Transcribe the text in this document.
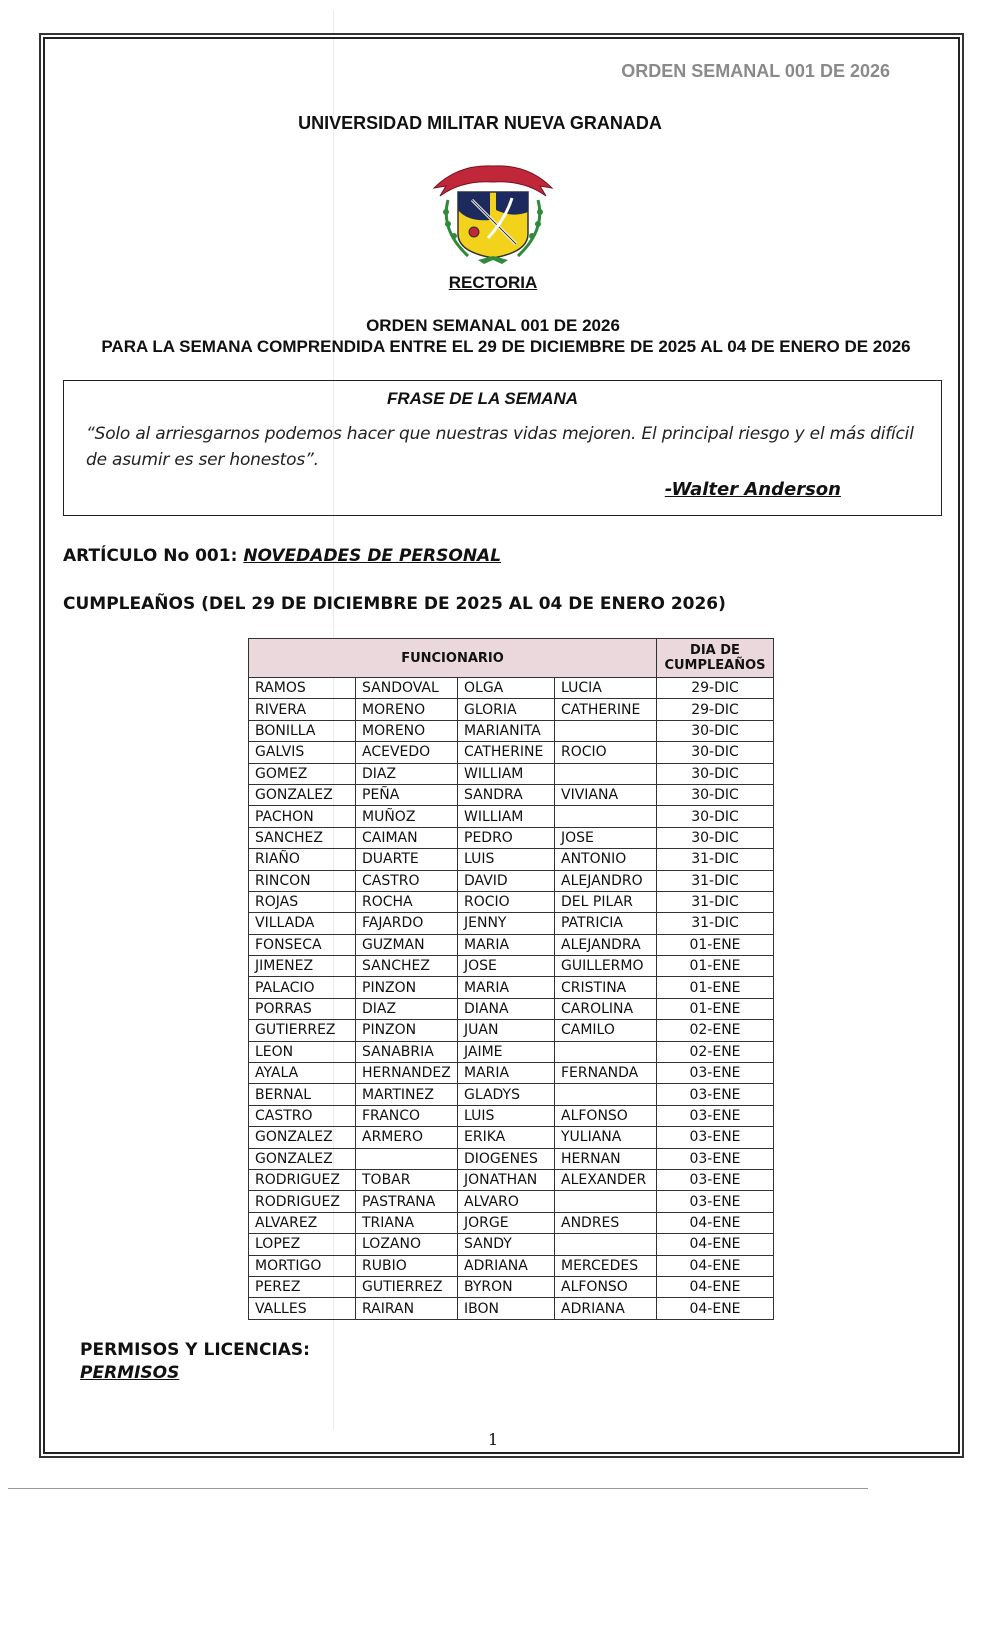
ORDEN SEMANAL 001 DE 2026
UNIVERSIDAD MILITAR NUEVA GRANADA
RECTORIA
ORDEN SEMANAL 001 DE 2026
PARA LA SEMANA COMPRENDIDA ENTRE EL 29 DE DICIEMBRE DE 2025 AL 04 DE ENERO DE 2026
FRASE DE LA SEMANA
“Solo al arriesgarnos podemos hacer que nuestras vidas mejoren. El principal riesgo y el más difícil de asumir es ser honestos”.
-Walter Anderson
ARTÍCULO No 001: NOVEDADES DE PERSONAL
CUMPLEAÑOS (DEL 29 DE DICIEMBRE DE 2025 AL 04 DE ENERO 2026)
FUNCIONARIO				DIA DE
CUMPLEAÑOS

RAMOS	SANDOVAL	OLGA	LUCIA	29-DIC
RIVERA	MORENO	GLORIA	CATHERINE	29-DIC
BONILLA	MORENO	MARIANITA		30-DIC
GALVIS	ACEVEDO	CATHERINE	ROCIO	30-DIC
GOMEZ	DIAZ	WILLIAM		30-DIC
GONZALEZ	PEÑA	SANDRA	VIVIANA	30-DIC
PACHON	MUÑOZ	WILLIAM		30-DIC
SANCHEZ	CAIMAN	PEDRO	JOSE	30-DIC
RIAÑO	DUARTE	LUIS	ANTONIO	31-DIC
RINCON	CASTRO	DAVID	ALEJANDRO	31-DIC
ROJAS	ROCHA	ROCIO	DEL PILAR	31-DIC
VILLADA	FAJARDO	JENNY	PATRICIA	31-DIC
FONSECA	GUZMAN	MARIA	ALEJANDRA	01-ENE
JIMENEZ	SANCHEZ	JOSE	GUILLERMO	01-ENE
PALACIO	PINZON	MARIA	CRISTINA	01-ENE
PORRAS	DIAZ	DIANA	CAROLINA	01-ENE
GUTIERREZ	PINZON	JUAN	CAMILO	02-ENE
LEON	SANABRIA	JAIME		02-ENE
AYALA	HERNANDEZ	MARIA	FERNANDA	03-ENE
BERNAL	MARTINEZ	GLADYS		03-ENE
CASTRO	FRANCO	LUIS	ALFONSO	03-ENE
GONZALEZ	ARMERO	ERIKA	YULIANA	03-ENE
GONZALEZ		DIOGENES	HERNAN	03-ENE
RODRIGUEZ	TOBAR	JONATHAN	ALEXANDER	03-ENE
RODRIGUEZ	PASTRANA	ALVARO		03-ENE
ALVAREZ	TRIANA	JORGE	ANDRES	04-ENE
LOPEZ	LOZANO	SANDY		04-ENE
MORTIGO	RUBIO	ADRIANA	MERCEDES	04-ENE
PEREZ	GUTIERREZ	BYRON	ALFONSO	04-ENE
VALLES	RAIRAN	IBON	ADRIANA	04-ENE
PERMISOS Y LICENCIAS:
PERMISOS
1
